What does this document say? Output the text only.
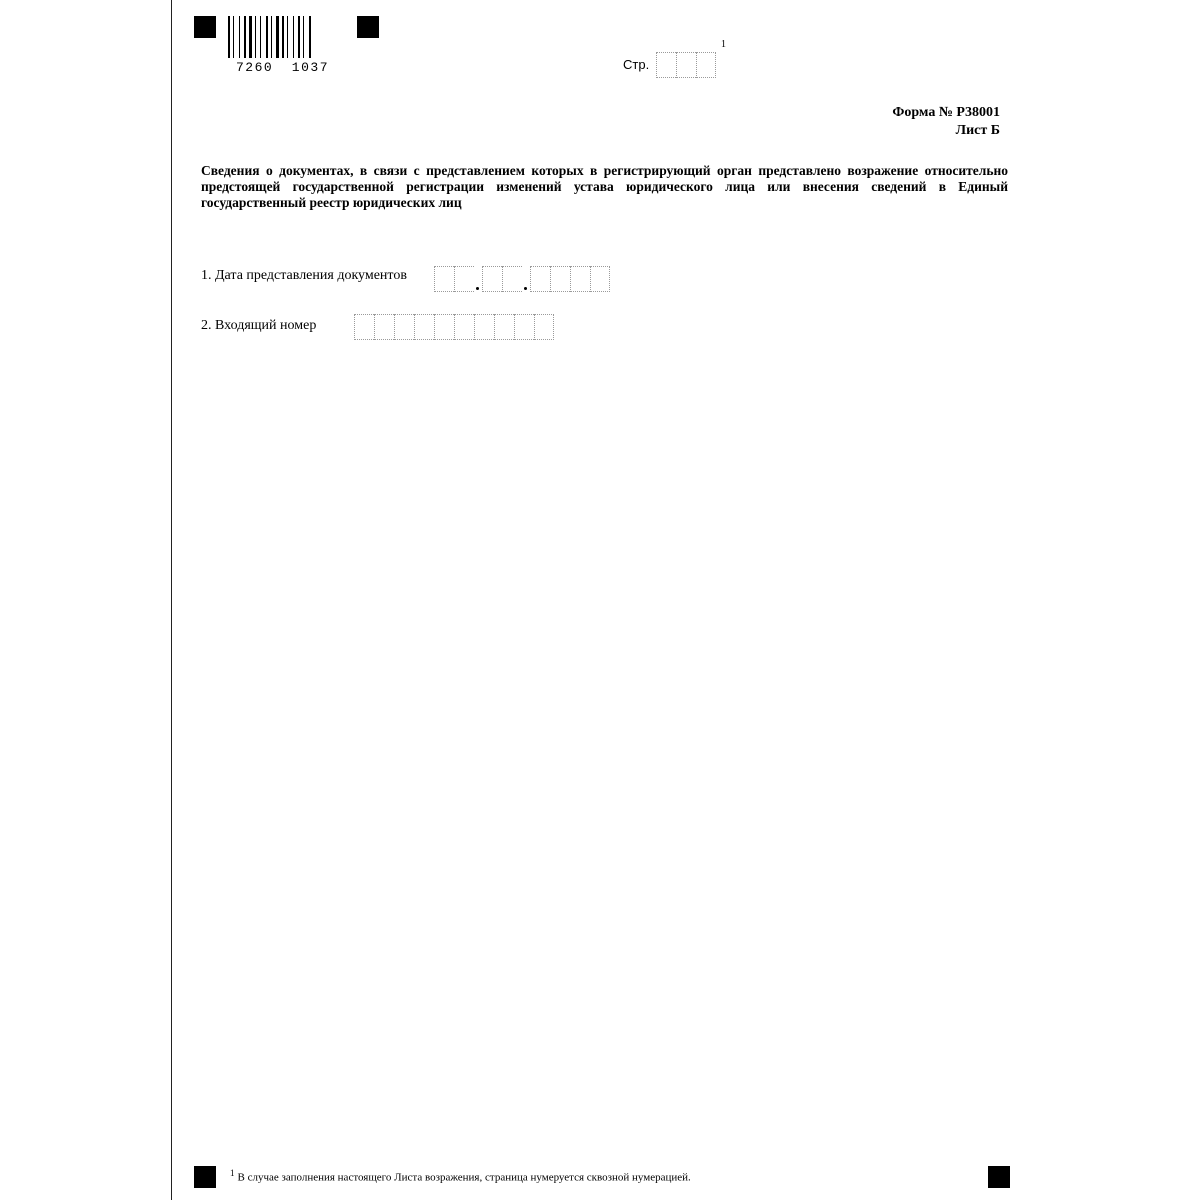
7260  1037	Стр.
1
Форма № Р38001
Лист Б
Сведения о документах, в связи с представлением которых в регистрирующий орган представлено возражение относительно предстоящей государственной регистрации изменений устава юридического лица или внесения сведений в Единый государственный реестр юридических лиц
1. Дата представления документов
2. Входящий номер
$^1$ В случае заполнения настоящего Листа возражения, страница нумеруется сквозной нумерацией.
